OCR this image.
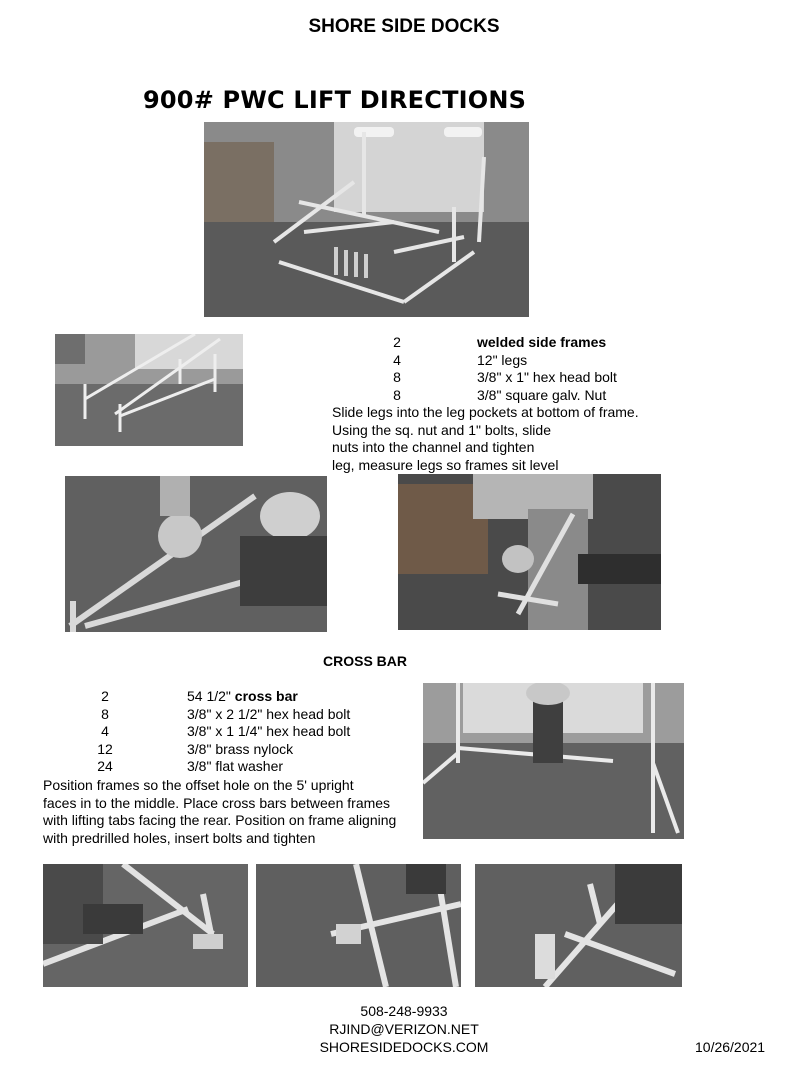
SHORE SIDE DOCKS
900# PWC LIFT DIRECTIONS
2	welded side frames
4	12" legs
8	3/8" x 1" hex head bolt
8	3/8" square galv. Nut
Slide legs into the leg pockets at bottom of frame.
Using the sq. nut and 1" bolts, slide
nuts into the channel and tighten
leg, measure legs so frames sit level
CROSS BAR
2	54 1/2" cross bar
8	3/8" x 2 1/2" hex head bolt
4	3/8" x 1 1/4" hex head bolt
12	3/8" brass nylock
24	3/8" flat washer
Position frames so the offset hole on the 5' upright
faces in to the middle. Place cross bars between frames
with lifting tabs facing the rear. Position on frame aligning
with predrilled holes, insert bolts and tighten
508-248-9933
RJIND@VERIZON.NET
SHORESIDEDOCKS.COM	10/26/2021
